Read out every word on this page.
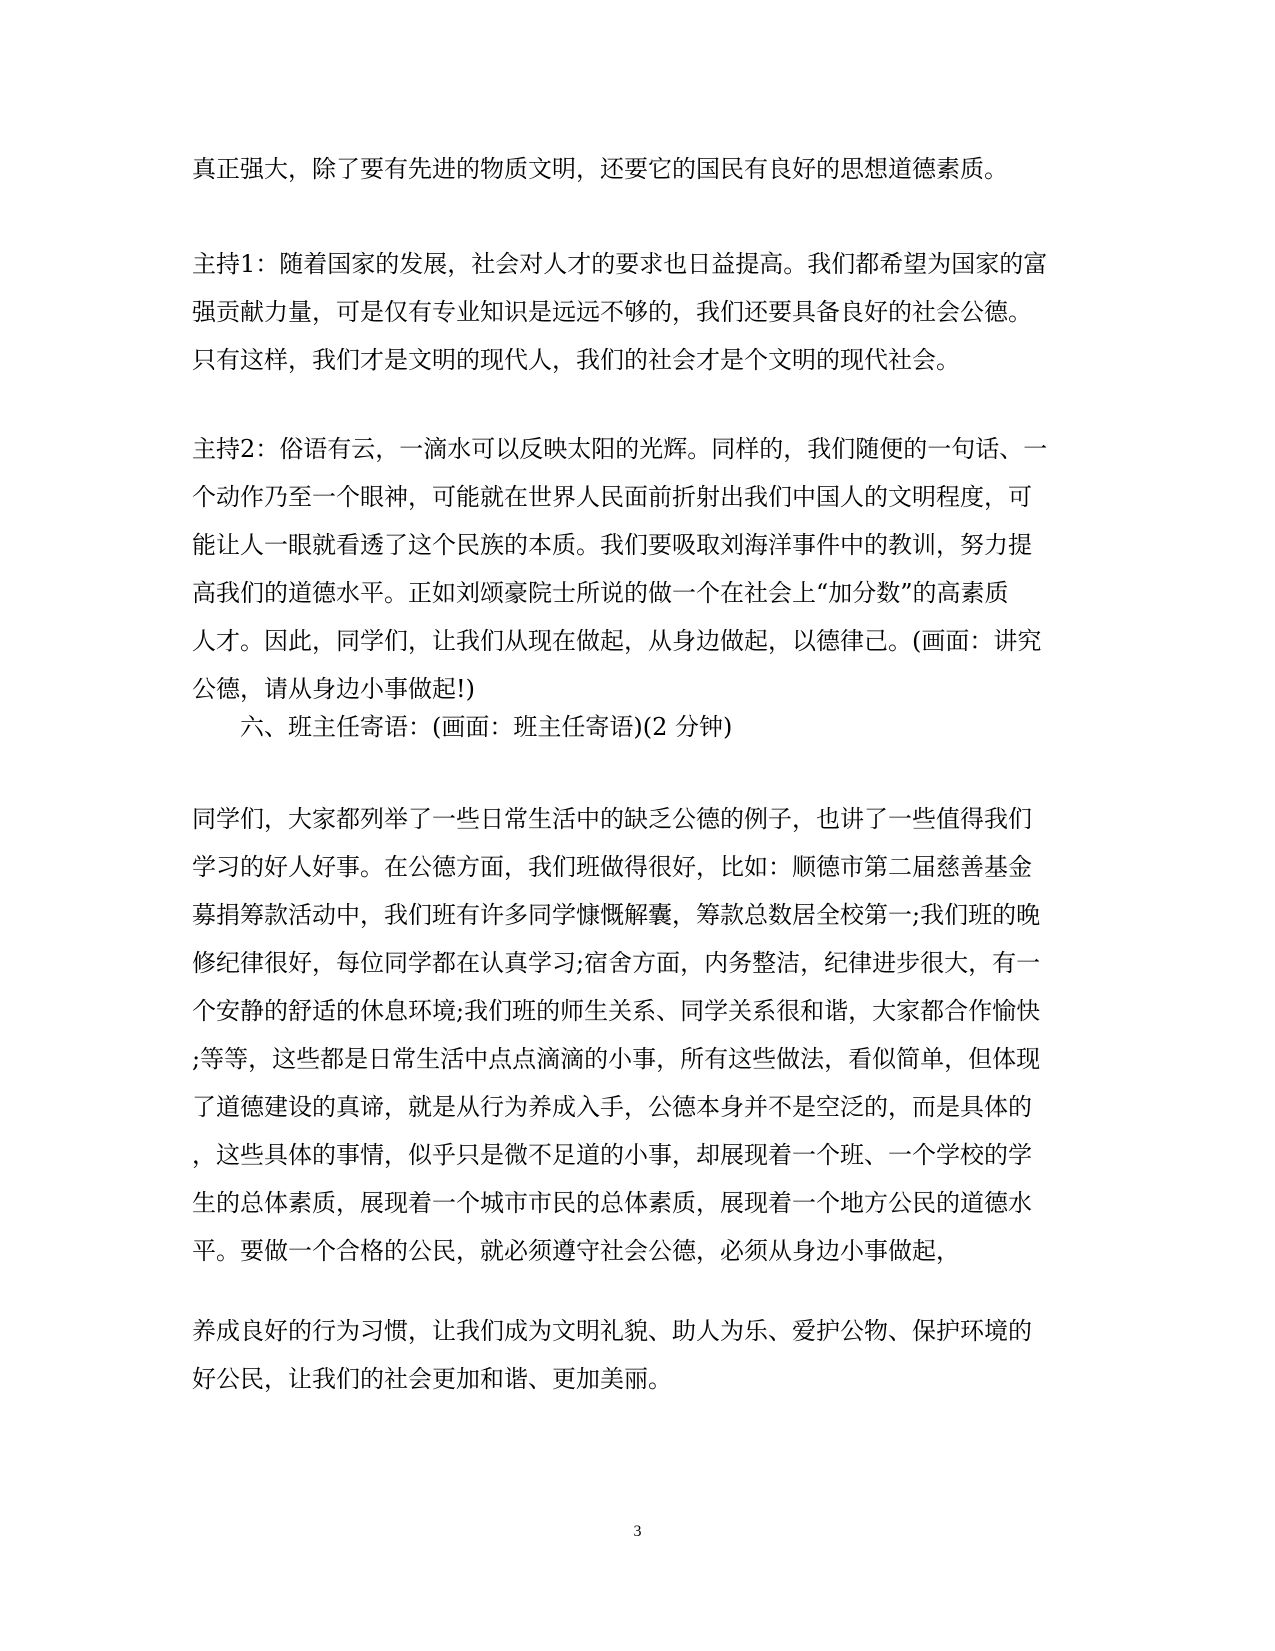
真正强大，除了要有先进的物质文明，还要它的国民有良好的思想道德素质。
主持1：随着国家的发展，社会对人才的要求也日益提高。我们都希望为国家的富
强贡献力量，可是仅有专业知识是远远不够的，我们还要具备良好的社会公德。
只有这样，我们才是文明的现代人，我们的社会才是个文明的现代社会。
主持2：俗语有云，一滴水可以反映太阳的光辉。同样的，我们随便的一句话、一
个动作乃至一个眼神，可能就在世界人民面前折射出我们中国人的文明程度，可
能让人一眼就看透了这个民族的本质。我们要吸取刘海洋事件中的教训，努力提
高我们的道德水平。正如刘颂豪院士所说的做一个在社会上“加分数”的高素质
人才。因此，同学们，让我们从现在做起，从身边做起，以德律己。(画面：讲究
公德，请从身边小事做起!)
六、班主任寄语：(画面：班主任寄语)(2 分钟)
同学们，大家都列举了一些日常生活中的缺乏公德的例子，也讲了一些值得我们
学习的好人好事。在公德方面，我们班做得很好，比如：顺德市第二届慈善基金
募捐筹款活动中，我们班有许多同学慷慨解囊，筹款总数居全校第一;我们班的晚
修纪律很好，每位同学都在认真学习;宿舍方面，内务整洁，纪律进步很大，有一
个安静的舒适的休息环境;我们班的师生关系、同学关系很和谐，大家都合作愉快
;等等，这些都是日常生活中点点滴滴的小事，所有这些做法，看似简单，但体现
了道德建设的真谛，就是从行为养成入手，公德本身并不是空泛的，而是具体的
，这些具体的事情，似乎只是微不足道的小事，却展现着一个班、一个学校的学
生的总体素质，展现着一个城市市民的总体素质，展现着一个地方公民的道德水
平。要做一个合格的公民，就必须遵守社会公德，必须从身边小事做起，
养成良好的行为习惯，让我们成为文明礼貌、助人为乐、爱护公物、保护环境的
好公民，让我们的社会更加和谐、更加美丽。
3
